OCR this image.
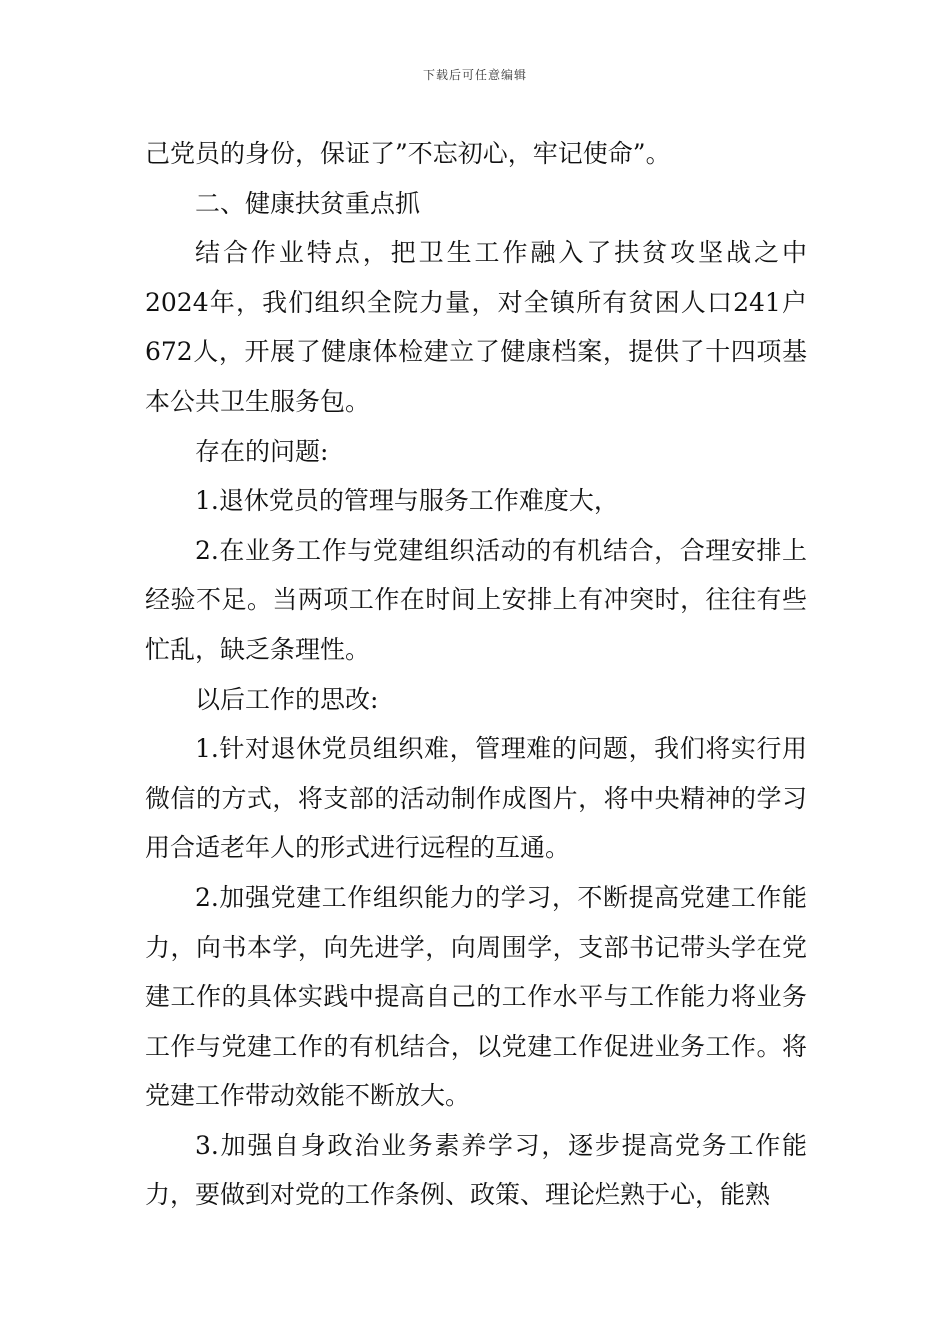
下载后可任意编辑

己党员的身份，保证了”不忘初心，牢记使命”。

二、健康扶贫重点抓

结合作业特点，把卫生工作融入了扶贫攻坚战之中2024年，我们组织全院力量，对全镇所有贫困人口241户672人，开展了健康体检建立了健康档案，提供了十四项基本公共卫生服务包。

存在的问题:

1.退休党员的管理与服务工作难度大，

2.在业务工作与党建组织活动的有机结合，合理安排上经验不足。当两项工作在时间上安排上有冲突时，往往有些忙乱，缺乏条理性。

以后工作的思改:

1.针对退休党员组织难，管理难的问题，我们将实行用微信的方式，将支部的活动制作成图片，将中央精神的学习用合适老年人的形式进行远程的互通。

2.加强党建工作组织能力的学习，不断提高党建工作能力，向书本学，向先进学，向周围学，支部书记带头学在党建工作的具体实践中提高自己的工作水平与工作能力将业务工作与党建工作的有机结合，以党建工作促进业务工作。将党建工作带动效能不断放大。

3.加强自身政治业务素养学习，逐步提高党务工作能力，要做到对党的工作条例、政策、理论烂熟于心，能熟
